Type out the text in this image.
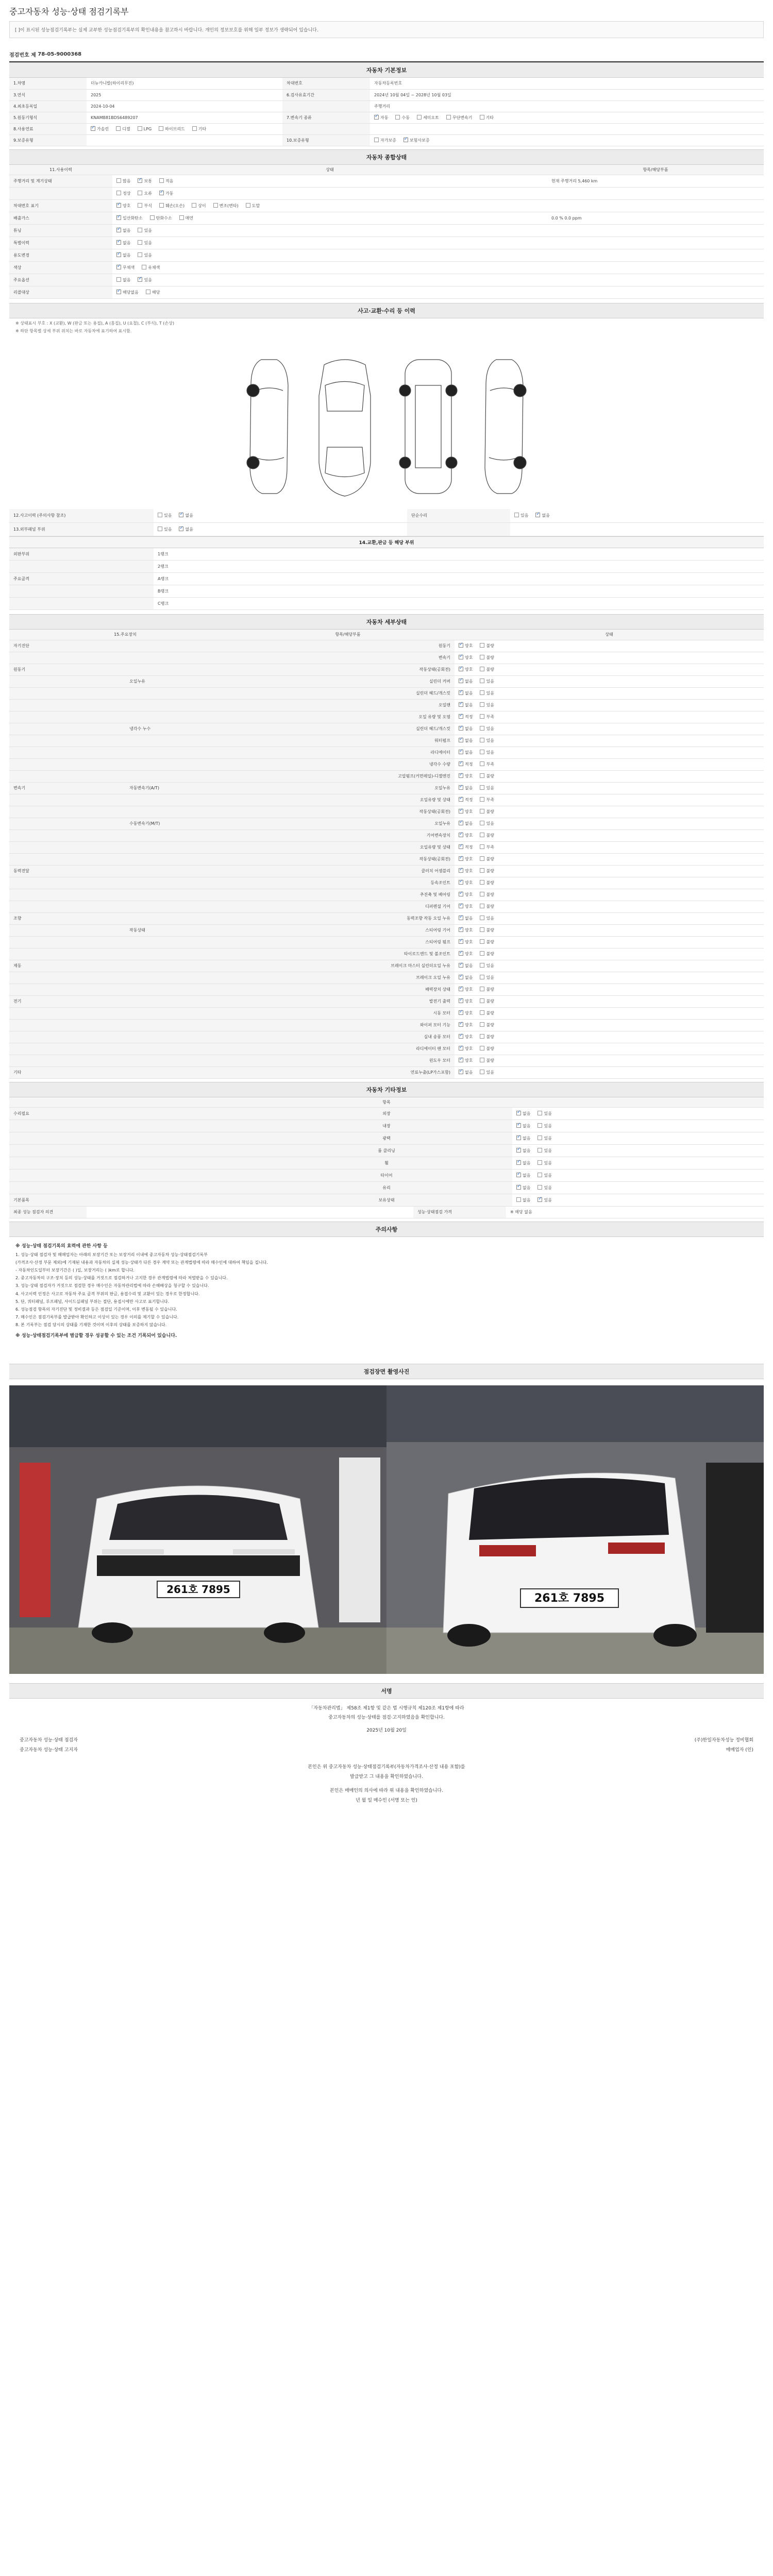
중고자동차 성능·상태 점검기록부
[ ]이 표시된 성능점검기록부는 실제 교부한 성능점검기록부의 확인내용을 참고하시 바랍니다. 개인의 정보보호를 위해 일부 정보가 생략되어 있습니다.
점검번호 제
78-05-9000368
자동차 기본정보
1.차명	더뉴카니발(하이리무진)	차대번호	자동차등록번호
3.연식	2025	6.검사유효기간	2024년 10월 04일 ~ 2028년 10월 03일
4.최초등록일	2024-10-04		주행거리
5.원동기형식	KNAMB81BDS6489207	7.변속기 종류	✓자동 수동 세미오토 무단변속기 기타
8.사용연료	✓가솔린 디젤 LPG 하이브리드 기타		
9.보증유형		10.보증유형	자가보증 ✓ 보험사보증
자동차 종합상태
11.사용이력	상태	항목/해당부품
주행거리 및 계기상태	많음 ✓ 보통 적음	현재 주행거리 5,460 km
	정상 오류 ✓ 가동	
차대번호 표기	✓양호 부식 훼손(오손) 상이 변조(변타) 도말	
배출가스	✓일산화탄소 탄화수소 매연	0.0 % 0.0 ppm
튜닝	✓없음 있음	
특별이력	✓없음 있음	
용도변경	✓없음 있음	
색상	✓무채색 유채색	
주요옵션	없음 ✓ 있음	
리콜대상	✓해당없음 해당	
사고·교환·수리 등 이력
※ 상태표시 부호 : X (교환), W (판금 또는 용접), A (흠집), U (요철), C (부식), T (손상)
※ 하단 항목별 상세 부위 위치는 바로 자동차에 표기하여 표시함.
12.사고이력 (주의사항 참조)	있음 ✓ 없음	단순수리	있음 ✓ 없음
13.외부패널 부위	있음 ✓ 없음		
14.교환,판금 등 해당 부위
외판부위	1랭크	
	2랭크	
주요골격	A랭크	
	B랭크	
	C랭크	
자동차 세부상태
15.주요장치		항목/해당부품	상태
자기진단		원동기	✓양호 불량
		변속기	✓양호 불량
원동기		작동상태(공회전)	✓양호 불량
	오일누유	실린더 커버	✓없음 있음
		실린더 헤드/개스킷	✓없음 있음
		오일팬	✓없음 있음
		오일 유량 및 오염	✓적정 부족
	냉각수 누수	실린더 헤드/개스킷	✓없음 있음
		워터펌프	✓없음 있음
		라디에이터	✓없음 있음
		냉각수 수량	✓적정 부족
		고압펌프(커먼레일)-디젤엔진	✓양호 불량
변속기	자동변속기(A/T)	오일누유	✓없음 있음
		오일유량 및 상태	✓적정 부족
		작동상태(공회전)	✓양호 불량
	수동변속기(M/T)	오일누유	✓없음 있음
		기어변속장치	✓양호 불량
		오일유량 및 상태	✓적정 부족
		작동상태(공회전)	✓양호 불량
동력전달		클러치 어셈블리	✓양호 불량
		등속조인트	✓양호 불량
		추진축 및 베어링	✓양호 불량
		디퍼렌셜 기어	✓양호 불량
조향		동력조향 작동 오일 누유	✓없음 있음
	작동상태	스티어링 기어	✓양호 불량
		스티어링 펌프	✓양호 불량
		타이로드엔드 및 볼조인트	✓양호 불량
제동		브레이크 마스터 실린더오일 누유	✓없음 있음
		브레이크 오일 누유	✓없음 있음
		배력장치 상태	✓양호 불량
전기		발전기 출력	✓양호 불량
		시동 모터	✓양호 불량
		와이퍼 모터 기능	✓양호 불량
		실내 송풍 모터	✓양호 불량
		라디에이터 팬 모터	✓양호 불량
		윈도우 모터	✓양호 불량
기타		연료누출(LP가스포함)	✓없음 있음
자동차 기타정보
항목		
수리필요	외장	✓없음 있음
	내장	✓없음 있음
	광택	✓없음 있음
	룸 클리닝	✓없음 있음
	휠	✓없음 있음
	타이어	✓없음 있음
	유리	✓없음 있음
기본품목	보유상태	없음 ✓ 있음
최종 성능 점검자 의견		성능·상태점검 가격	※ 해당 없음
주의사항
※ 성능·상태 점검기록의 효력에 관한 사항 등
1. 성능·상태 점검자 및 매매업자는 아래의 보장기간 또는 보장거리 이내에 중고자동차 성능·상태점검기록부
(가격조사·산정 부문 제외)에 기재된 내용과 자동차의 실제 성능·상태가 다른 경우 계약 또는 관계법령에 따라 매수인에 대하여 책임을 집니다.
- 자동차인도일부터 보장기간은 ( )일, 보장거리는 ( )km로 합니다.
2. 중고자동차의 구조·장치 등의 성능·상태를 거짓으로 점검하거나 고지한 경우 관계법령에 따라 처벌받을 수 있습니다.
3. 성능·상태 점검자가 거짓으로 점검한 경우 매수인은 자동차관리법에 따라 손해배상을 청구할 수 있습니다.
4. 사고이력 인정은 사고로 자동차 주요 골격 부위의 판금, 용접수리 및 교환이 있는 경우로 한정합니다.
5. 단, 쿼터패널, 루프패널, 사이드실패널 부위는 절단, 용접시에만 사고로 표기합니다.
6. 성능점검 항목의 자기진단 및 정비결과 등은 점검일 기준이며, 이후 변동될 수 있습니다.
7. 매수인은 점검기록부를 발급받아 확인하고 이상이 있는 경우 이의를 제기할 수 있습니다.
8. 본 기록부는 점검 당시의 상태를 기재한 것이며 이후의 상태를 보증하지 않습니다.
※ 성능·상태점검기록부에 별급할 경우 성공할 수 있는 조건 기록되어 있습니다.
점검장면 촬영사진
261호 7895
261호 7895
서명
「자동차관리법」 제58조 제1항 및 같은 법 시행규칙 제120조 제1항에 따라
중고자동차의 성능·상태를 점검·고지하였음을 확인합니다.
2025년 10월 20일
중고자동차 성능·상태 점검자	(주)한일자동차성능 정비협회
중고자동차 성능·상태 고지자	매매업자 (인)
본인은 위 중고자동차 성능·상태점검기록부(자동차가격조사·산정 내용 포함)를
발급받고 그 내용을 확인하였습니다.
본인은 매매인의 의사에 따라 위 내용을 확인하였습니다.
년 월 일 매수인 (서명 또는 인)
